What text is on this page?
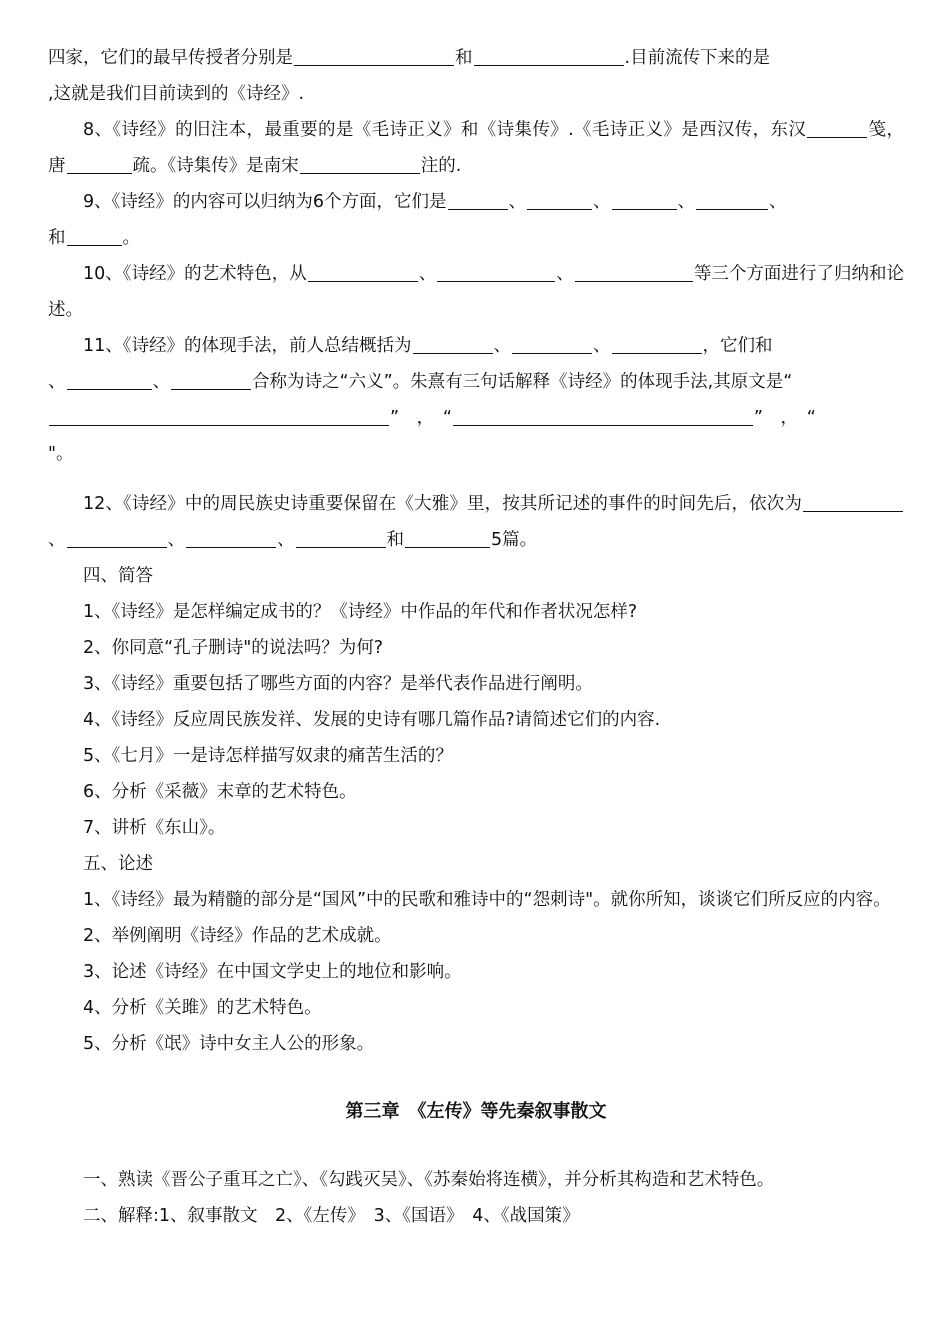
四家，它们的最早传授者分别是	和	.目前流传下来的是
,这就是我们目前读到的《诗经》.

8、《诗经》的旧注本，最重要的是《毛诗正义》和《诗集传》.《毛诗正义》是西汉传，东汉	笺，唐	疏。《诗集传》是南宋	注的.

9、《诗经》的内容可以归纳为6个方面，它们是	、	、	、	、
和	。

10、《诗经》的艺术特色，从	、	、	等三个方面进行了归纳和论述。

11、《诗经》的体现手法，前人总结概括为	、	、	，它们和
、	、	合称为诗之“六义”。朱熹有三句话解释《诗经》的体现手法,其原文是“
”　 ，　 “	”　 ，　 “
"。

12、《诗经》中的周民族史诗重要保留在《大雅》里，按其所记述的事件的时间先后，依次为、	、	、	和	5篇。

四、简答

1、《诗经》是怎样编定成书的？《诗经》中作品的年代和作者状况怎样?

2、你同意“孔子删诗"的说法吗？为何?

3、《诗经》重要包括了哪些方面的内容？是举代表作品进行阐明。

4、《诗经》反应周民族发祥、发展的史诗有哪几篇作品?请简述它们的内容.

5、《七月》一是诗怎样描写奴隶的痛苦生活的？

6、分析《采薇》末章的艺术特色。

7、讲析《东山》。

五、论述

1、《诗经》最为精髓的部分是“国风”中的民歌和雅诗中的“怨刺诗"。就你所知，谈谈它们所反应的内容。

2、举例阐明《诗经》作品的艺术成就。

3、论述《诗经》在中国文学史上的地位和影响。

4、分析《关雎》的艺术特色。

5、分析《氓》诗中女主人公的形象。

第三章　《左传》等先秦叙事散文

一、熟读《晋公子重耳之亡》、《勾践灭吴》、《苏秦始将连横》，并分析其构造和艺术特色。

二、解释:1、叙事散文　2、《左传》　3、《国语》　4、《战国策》
